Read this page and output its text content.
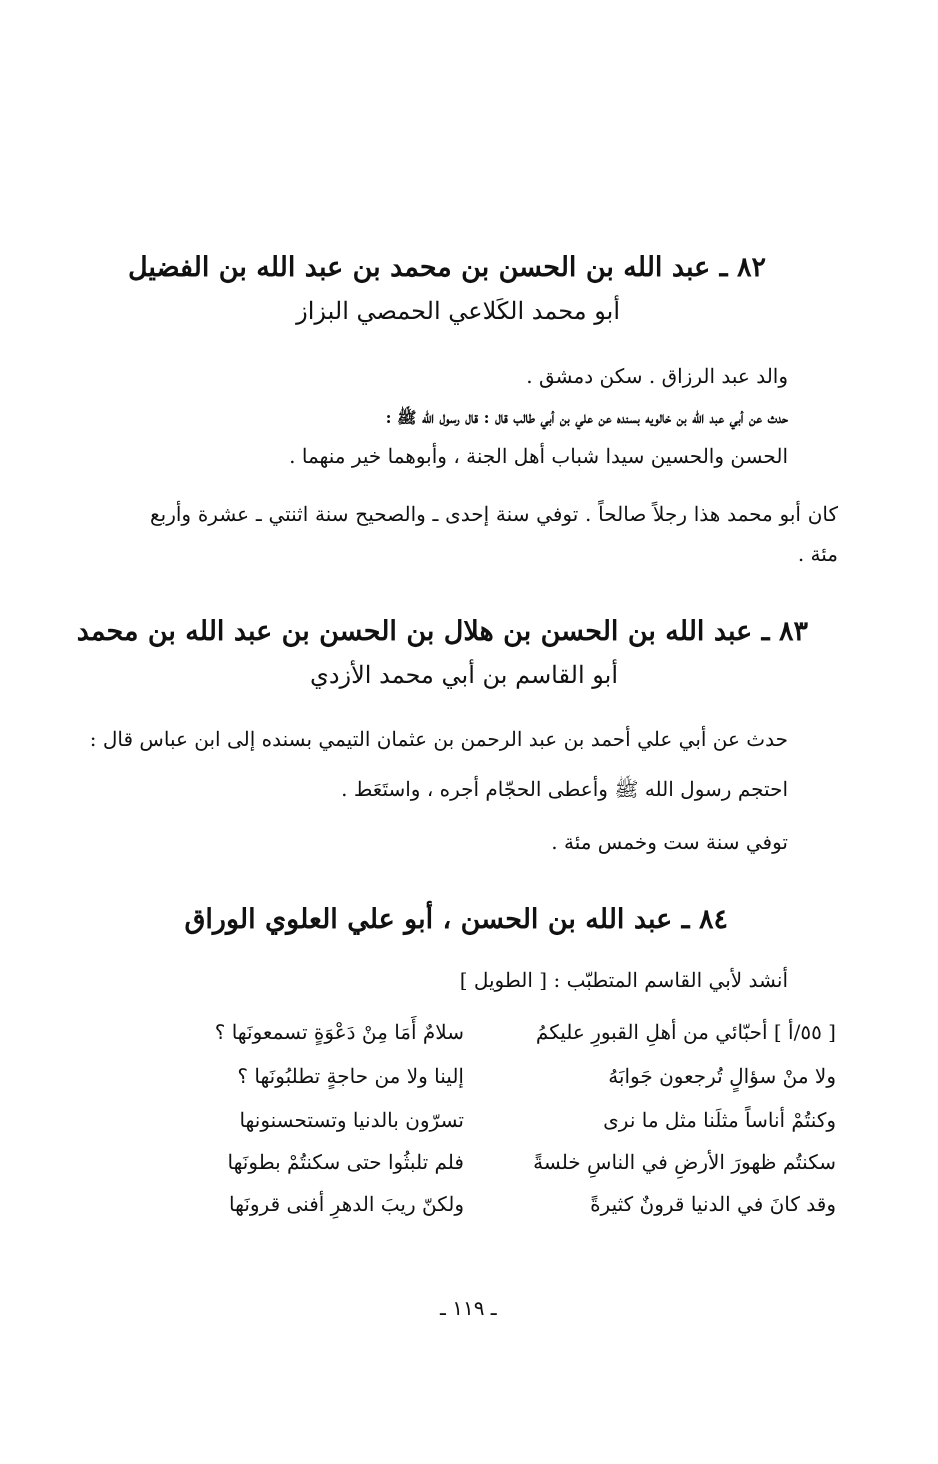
٨٢ ـ عبد الله بن الحسن بن محمد بن عبد الله بن الفضيل
أبو محمد الكَلاعي الحمصي البزاز
والد عبد الرزاق . سكن دمشق .
حدث عن أبي عبد الله بن خالويه بسنده عن علي بن أبي طالب قال : قال رسول الله ﷺ :
الحسن والحسين سيدا شباب أهل الجنة ، وأبوهما خير منهما .
كان أبو محمد هذا رجلاً صالحاً . توفي سنة إحدى ـ والصحيح سنة اثنتي ـ عشرة وأربع مئة .
٨٣ ـ عبد الله بن الحسن بن هلال بن الحسن بن عبد الله بن محمد
أبو القاسم بن أبي محمد الأزدي
حدث عن أبي علي أحمد بن عبد الرحمن بن عثمان التيمي بسنده إلى ابن عباس قال :
احتجم رسول الله ﷺ وأعطى الحجّام أجره ، واستَعَط .
توفي سنة ست وخمس مئة .
٨٤ ـ عبد الله بن الحسن ، أبو علي العلوي الوراق
أنشد لأبي القاسم المتطبّب : [ الطويل ]
[ ٥٥/أ ] أحبّائي من أهلِ القبورِ عليكمُ
سلامٌ أَمَا مِنْ دَعْوَةٍ تسمعونَها ؟
ولا منْ سؤالٍ تُرجعون جَوابَهُ
إلينا ولا من حاجةٍ تطلبُونَها ؟
وكنتُمْ أناساً مثلَنا مثل ما نرى
تسرّون بالدنيا وتستحسنونها
سكنتُم ظهورَ الأرضِ في الناسِ خلسةً
فلم تلبثُوا حتى سكنتُمْ بطونَها
وقد كانَ في الدنيا قرونٌ كثيرةً
ولكنّ ريبَ الدهرِ أفنى قرونَها
ـ ١١٩ ـ
